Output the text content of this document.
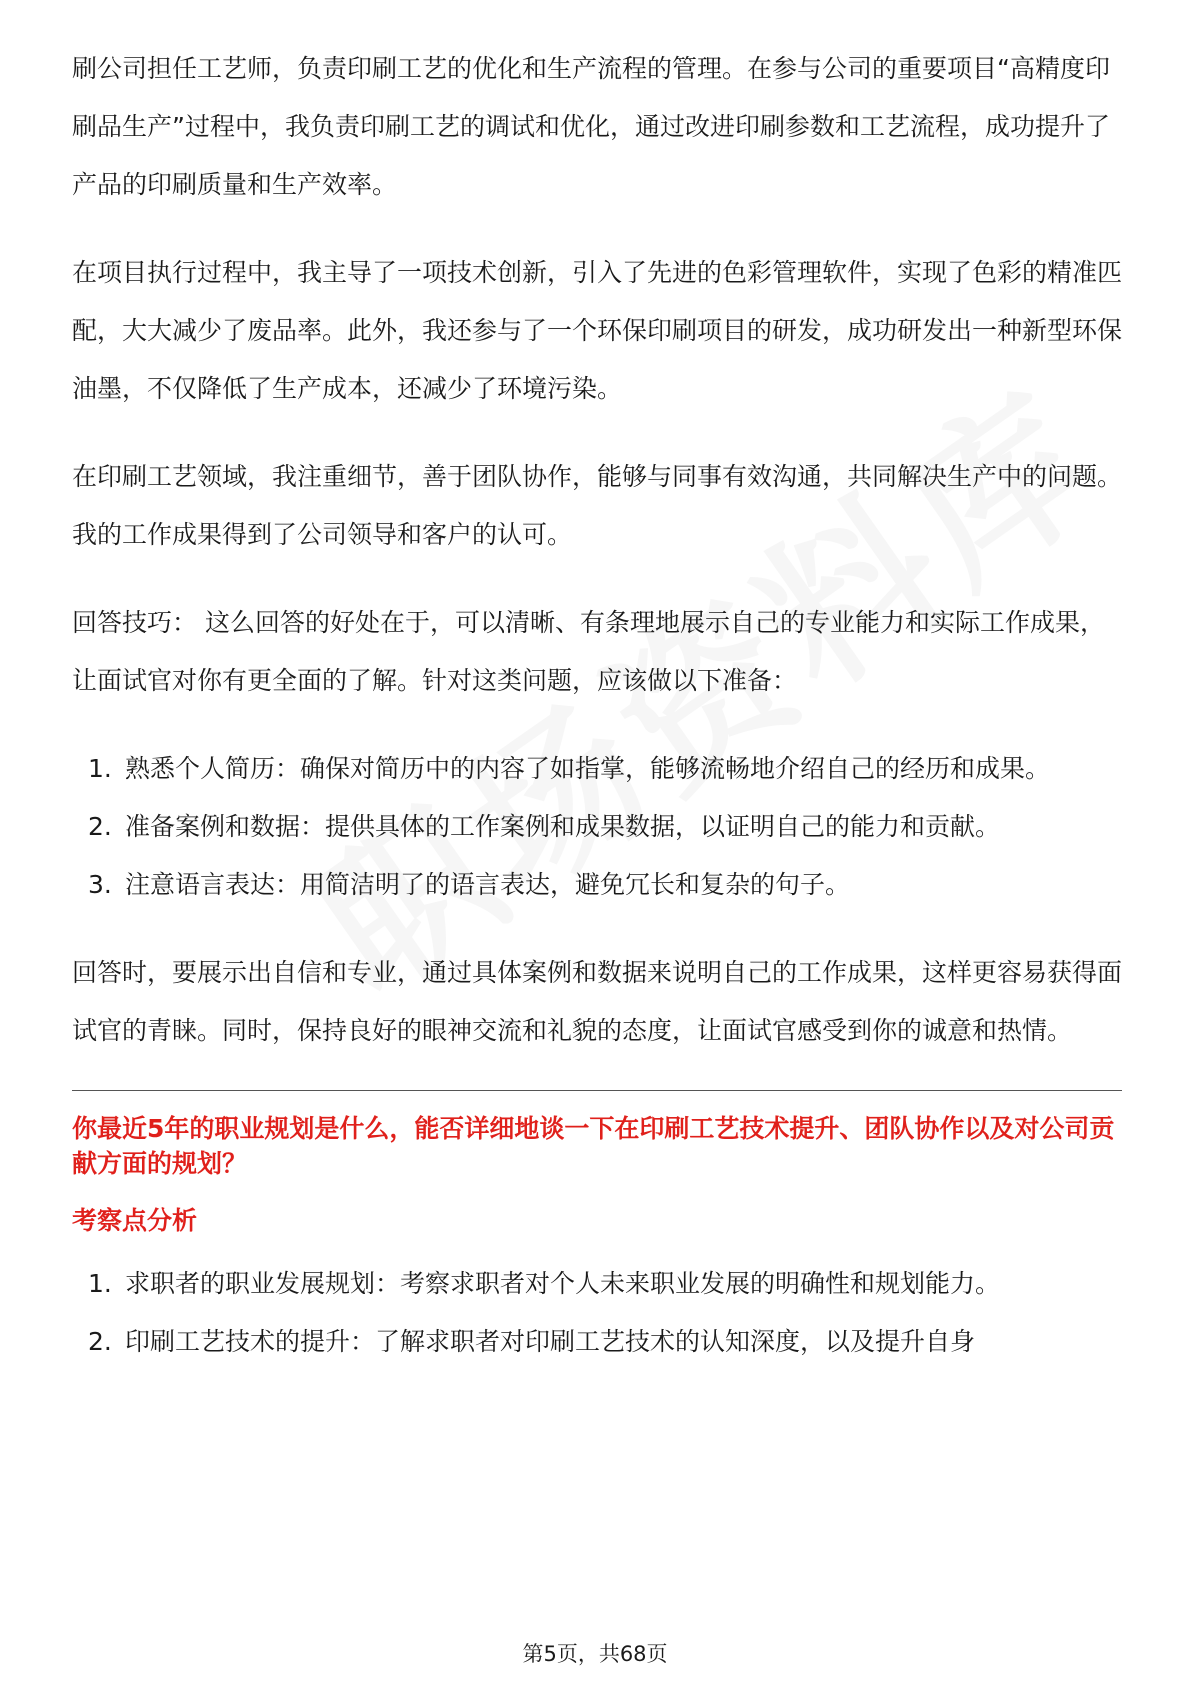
刷公司担任工艺师，负责印刷工艺的优化和生产流程的管理。在参与公司的重要项目“高精度印刷品生产”过程中，我负责印刷工艺的调试和优化，通过改进印刷参数和工艺流程，成功提升了产品的印刷质量和生产效率。

在项目执行过程中，我主导了一项技术创新，引入了先进的色彩管理软件，实现了色彩的精准匹配，大大减少了废品率。此外，我还参与了一个环保印刷项目的研发，成功研发出一种新型环保油墨，不仅降低了生产成本，还减少了环境污染。

在印刷工艺领域，我注重细节，善于团队协作，能够与同事有效沟通，共同解决生产中的问题。我的工作成果得到了公司领导和客户的认可。

回答技巧： 这么回答的好处在于，可以清晰、有条理地展示自己的专业能力和实际工作成果，让面试官对你有更全面的了解。针对这类问题，应该做以下准备：

1. 熟悉个人简历：确保对简历中的内容了如指掌，能够流畅地介绍自己的经历和成果。
2. 准备案例和数据：提供具体的工作案例和成果数据，以证明自己的能力和贡献。
3. 注意语言表达：用简洁明了的语言表达，避免冗长和复杂的句子。

回答时，要展示出自信和专业，通过具体案例和数据来说明自己的工作成果，这样更容易获得面试官的青睐。同时，保持良好的眼神交流和礼貌的态度，让面试官感受到你的诚意和热情。

你最近5年的职业规划是什么，能否详细地谈一下在印刷工艺技术提升、团队协作以及对公司贡献方面的规划？
考察点分析
1. 求职者的职业发展规划：考察求职者对个人未来职业发展的明确性和规划能力。
2. 印刷工艺技术的提升：了解求职者对印刷工艺技术的认知深度，以及提升自身
第5页，共68页
